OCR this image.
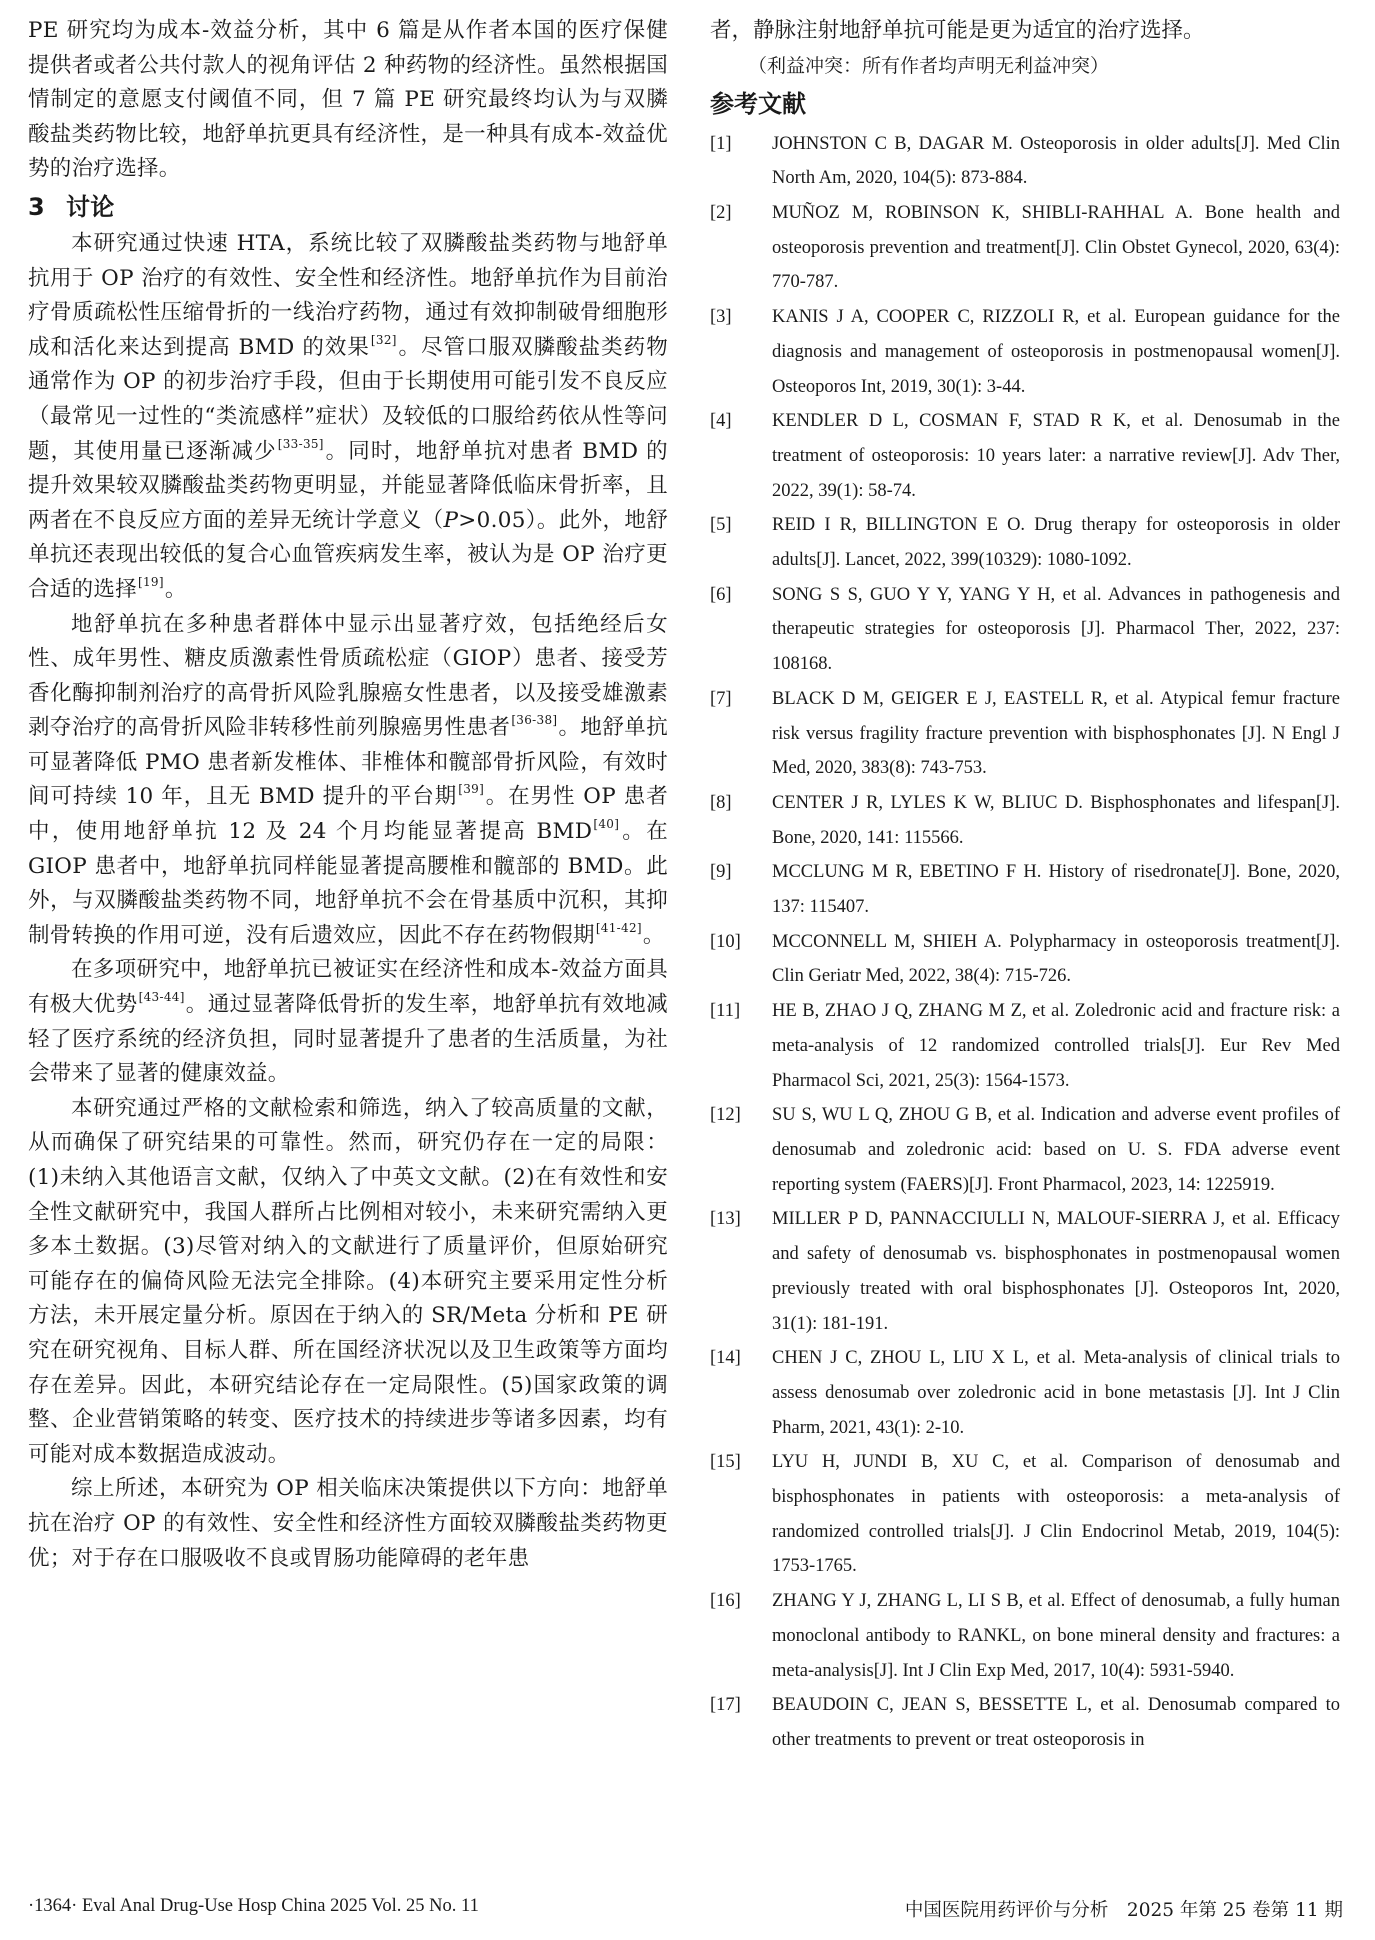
PE 研究均为成本-效益分析，其中 6 篇是从作者本国的医疗保健提供者或者公共付款人的视角评估 2 种药物的经济性。虽然根据国情制定的意愿支付阈值不同，但 7 篇 PE 研究最终均认为与双膦酸盐类药物比较，地舒单抗更具有经济性，是一种具有成本-效益优势的治疗选择。

3 讨论

本研究通过快速 HTA，系统比较了双膦酸盐类药物与地舒单抗用于 OP 治疗的有效性、安全性和经济性。地舒单抗作为目前治疗骨质疏松性压缩骨折的一线治疗药物，通过有效抑制破骨细胞形成和活化来达到提高 BMD 的效果[32]。尽管口服双膦酸盐类药物通常作为 OP 的初步治疗手段，但由于长期使用可能引发不良反应（最常见一过性的“类流感样”症状）及较低的口服给药依从性等问题，其使用量已逐渐减少[33-35]。同时，地舒单抗对患者 BMD 的提升效果较双膦酸盐类药物更明显，并能显著降低临床骨折率，且两者在不良反应方面的差异无统计学意义（P>0.05）。此外，地舒单抗还表现出较低的复合心血管疾病发生率，被认为是 OP 治疗更合适的选择[19]。

地舒单抗在多种患者群体中显示出显著疗效，包括绝经后女性、成年男性、糖皮质激素性骨质疏松症（GIOP）患者、接受芳香化酶抑制剂治疗的高骨折风险乳腺癌女性患者，以及接受雄激素剥夺治疗的高骨折风险非转移性前列腺癌男性患者[36-38]。地舒单抗可显著降低 PMO 患者新发椎体、非椎体和髋部骨折风险，有效时间可持续 10 年，且无 BMD 提升的平台期[39]。在男性 OP 患者中，使用地舒单抗 12 及 24 个月均能显著提高 BMD[40]。在 GIOP 患者中，地舒单抗同样能显著提高腰椎和髋部的 BMD。此外，与双膦酸盐类药物不同，地舒单抗不会在骨基质中沉积，其抑制骨转换的作用可逆，没有后遗效应，因此不存在药物假期[41-42]。

在多项研究中，地舒单抗已被证实在经济性和成本-效益方面具有极大优势[43-44]。通过显著降低骨折的发生率，地舒单抗有效地减轻了医疗系统的经济负担，同时显著提升了患者的生活质量，为社会带来了显著的健康效益。

本研究通过严格的文献检索和筛选，纳入了较高质量的文献，从而确保了研究结果的可靠性。然而，研究仍存在一定的局限：(1)未纳入其他语言文献，仅纳入了中英文文献。(2)在有效性和安全性文献研究中，我国人群所占比例相对较小，未来研究需纳入更多本土数据。(3)尽管对纳入的文献进行了质量评价，但原始研究可能存在的偏倚风险无法完全排除。(4)本研究主要采用定性分析方法，未开展定量分析。原因在于纳入的 SR/Meta 分析和 PE 研究在研究视角、目标人群、所在国经济状况以及卫生政策等方面均存在差异。因此，本研究结论存在一定局限性。(5)国家政策的调整、企业营销策略的转变、医疗技术的持续进步等诸多因素，均有可能对成本数据造成波动。

综上所述，本研究为 OP 相关临床决策提供以下方向：地舒单抗在治疗 OP 的有效性、安全性和经济性方面较双膦酸盐类药物更优；对于存在口服吸收不良或胃肠功能障碍的老年患

者，静脉注射地舒单抗可能是更为适宜的治疗选择。

（利益冲突：所有作者均声明无利益冲突）

参考文献
[1]	JOHNSTON C B, DAGAR M. Osteoporosis in older adults[J]. Med Clin North Am, 2020, 104(5): 873-884.
[2]	MUÑOZ M, ROBINSON K, SHIBLI-RAHHAL A. Bone health and osteoporosis prevention and treatment[J]. Clin Obstet Gynecol, 2020, 63(4): 770-787.
[3]	KANIS J A, COOPER C, RIZZOLI R, et al. European guidance for the diagnosis and management of osteoporosis in postmenopausal women[J]. Osteoporos Int, 2019, 30(1): 3-44.
[4]	KENDLER D L, COSMAN F, STAD R K, et al. Denosumab in the treatment of osteoporosis: 10 years later: a narrative review[J]. Adv Ther, 2022, 39(1): 58-74.
[5]	REID I R, BILLINGTON E O. Drug therapy for osteoporosis in older adults[J]. Lancet, 2022, 399(10329): 1080-1092.
[6]	SONG S S, GUO Y Y, YANG Y H, et al. Advances in pathogenesis and therapeutic strategies for osteoporosis [J]. Pharmacol Ther, 2022, 237: 108168.
[7]	BLACK D M, GEIGER E J, EASTELL R, et al. Atypical femur fracture risk versus fragility fracture prevention with bisphosphonates [J]. N Engl J Med, 2020, 383(8): 743-753.
[8]	CENTER J R, LYLES K W, BLIUC D. Bisphosphonates and lifespan[J]. Bone, 2020, 141: 115566.
[9]	MCCLUNG M R, EBETINO F H. History of risedronate[J]. Bone, 2020, 137: 115407.
[10]	MCCONNELL M, SHIEH A. Polypharmacy in osteoporosis treatment[J]. Clin Geriatr Med, 2022, 38(4): 715-726.
[11]	HE B, ZHAO J Q, ZHANG M Z, et al. Zoledronic acid and fracture risk: a meta-analysis of 12 randomized controlled trials[J]. Eur Rev Med Pharmacol Sci, 2021, 25(3): 1564-1573.
[12]	SU S, WU L Q, ZHOU G B, et al. Indication and adverse event profiles of denosumab and zoledronic acid: based on U. S. FDA adverse event reporting system (FAERS)[J]. Front Pharmacol, 2023, 14: 1225919.
[13]	MILLER P D, PANNACCIULLI N, MALOUF-SIERRA J, et al. Efficacy and safety of denosumab vs. bisphosphonates in postmenopausal women previously treated with oral bisphosphonates [J]. Osteoporos Int, 2020, 31(1): 181-191.
[14]	CHEN J C, ZHOU L, LIU X L, et al. Meta-analysis of clinical trials to assess denosumab over zoledronic acid in bone metastasis [J]. Int J Clin Pharm, 2021, 43(1): 2-10.
[15]	LYU H, JUNDI B, XU C, et al. Comparison of denosumab and bisphosphonates in patients with osteoporosis: a meta-analysis of randomized controlled trials[J]. J Clin Endocrinol Metab, 2019, 104(5): 1753-1765.
[16]	ZHANG Y J, ZHANG L, LI S B, et al. Effect of denosumab, a fully human monoclonal antibody to RANKL, on bone mineral density and fractures: a meta-analysis[J]. Int J Clin Exp Med, 2017, 10(4): 5931-5940.
[17]	BEAUDOIN C, JEAN S, BESSETTE L, et al. Denosumab compared to other treatments to prevent or treat osteoporosis in
·1364· Eval Anal Drug-Use Hosp China 2025 Vol. 25 No. 11	中国医院用药评价与分析　2025 年第 25 卷第 11 期
